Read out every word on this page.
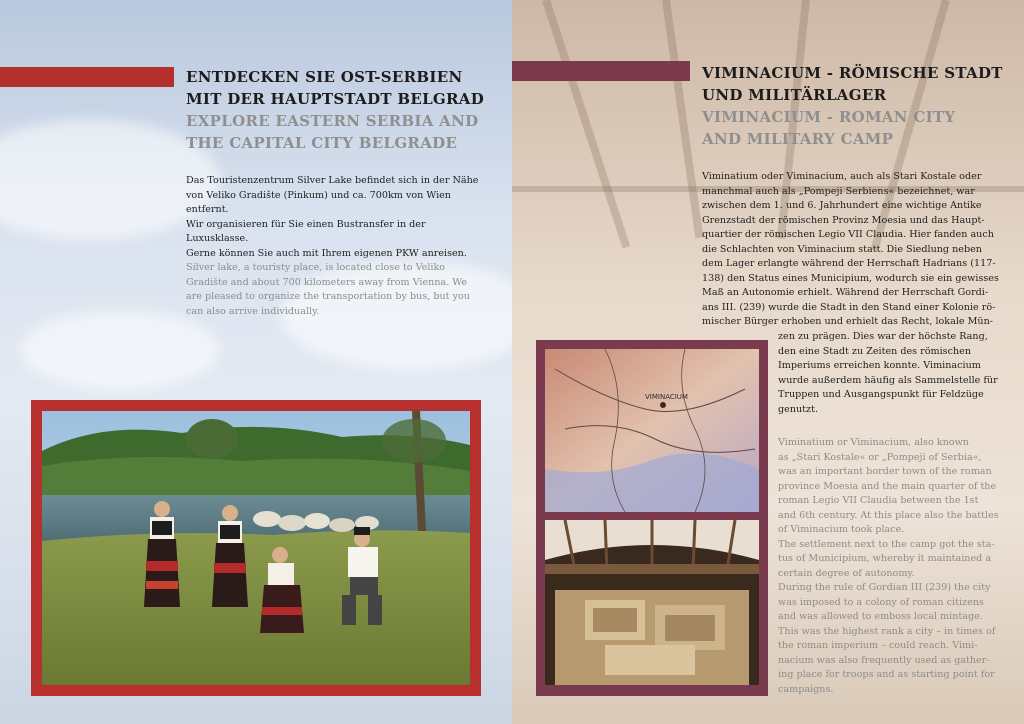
ENTDECKEN SIE OST-SERBIEN
MIT DER HAUPTSTADT BELGRAD
EXPLORE EASTERN SERBIA AND
THE CAPITAL CITY BELGRADE
Das Touristenzentrum Silver Lake befindet sich in der Nähe
von Veliko Gradište (Pinkum) und ca. 700km von Wien
entfernt.
Wir organisieren für Sie einen Bustransfer in der Luxusklasse.
Gerne können Sie auch mit Ihrem eigenen PKW anreisen.
Silver lake, a touristy place, is located close to Veliko
Gradište and about 700 kilometers away from Vienna. We
are pleased to organize the transportation by bus, but you
can also arrive individually.
VIMINACIUM - RÖMISCHE STADT
UND MILITÄRLAGER
VIMINACIUM - ROMAN CITY
AND MILITARY CAMP
Viminatium oder Viminacium, auch als Stari Kostale oder
manchmal auch als „Pompeji Serbiens« bezeichnet, war
zwischen dem 1. und 6. Jahrhundert eine wichtige Antike
Grenzstadt der römischen Provinz Moesia und das Haupt-
quartier der römischen Legio VII Claudia. Hier fanden auch
die Schlachten von Viminacium statt. Die Siedlung neben
dem Lager erlangte während der Herrschaft Hadrians (117-
138) den Status eines Municipium, wodurch sie ein gewisses
Maß an Autonomie erhielt. Während der Herrschaft Gordi-
ans III. (239) wurde die Stadt in den Stand einer Kolonie rö-
mischer Bürger erhoben und erhielt das Recht, lokale Mün-
zen zu prägen. Dies war der höchste Rang,
den eine Stadt zu Zeiten des römischen
Imperiums erreichen konnte. Viminacium
wurde außerdem häufig als Sammelstelle für
Truppen und Ausgangspunkt für Feldzüge
genutzt.
Viminatium or Viminacium, also known
as „Stari Kostale« or „Pompeji of Serbia«,
was an important border town of the roman
province Moesia and the main quarter of the
roman Legio VII Claudia between the 1st
and 6th century. At this place also the battles
of Viminacium took place.
The settlement next to the camp got the sta-
tus of Municipium, whereby it maintained a
certain degree of autonomy.
During the rule of Gordian III (239) the city
was imposed to a colony of roman citizens
and was allowed to emboss local mintage.
This was the highest rank a city – in times of
the roman imperium – could reach. Vimi-
nacium was also frequently used as gather-
ing place for troops and as starting point for
campaigns.
VIMINACIUM
